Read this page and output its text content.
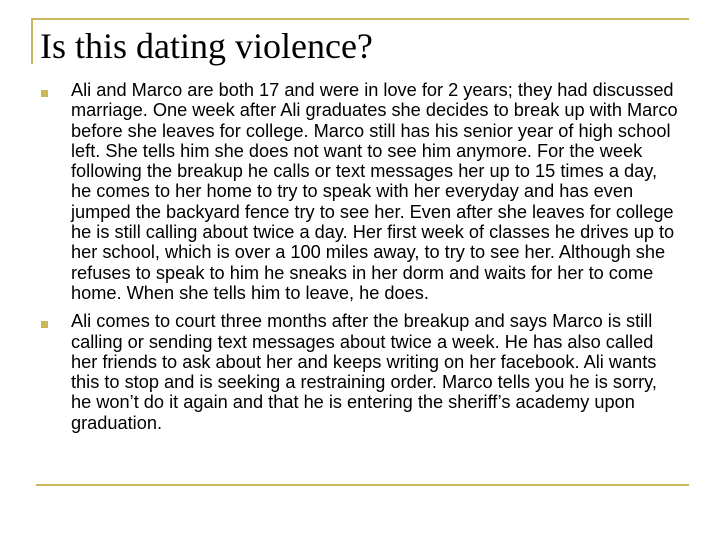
Is this dating violence?
Ali and Marco are both 17 and were in love for 2 years; they had discussed marriage. One week after Ali graduates she decides to break up with Marco before she leaves for college. Marco still has his senior year of high school left. She tells him she does not want to see him anymore. For the week following the breakup he calls or text messages her up to 15 times a day, he comes to her home to try to speak with her everyday and has even jumped the backyard fence try to see her. Even after she leaves for college he is still calling about twice a day. Her first week of classes he drives up to her school, which is over a 100 miles away, to try to see her. Although she refuses to speak to him he sneaks in her dorm and waits for her to come home. When she tells him to leave, he does.
Ali comes to court three months after the breakup and says Marco is still calling or sending text messages about twice a week. He has also called her friends to ask about her and keeps writing on her facebook. Ali wants this to stop and is seeking a restraining order. Marco tells you he is sorry, he won’t do it again and that he is entering the sheriff’s academy upon graduation.
